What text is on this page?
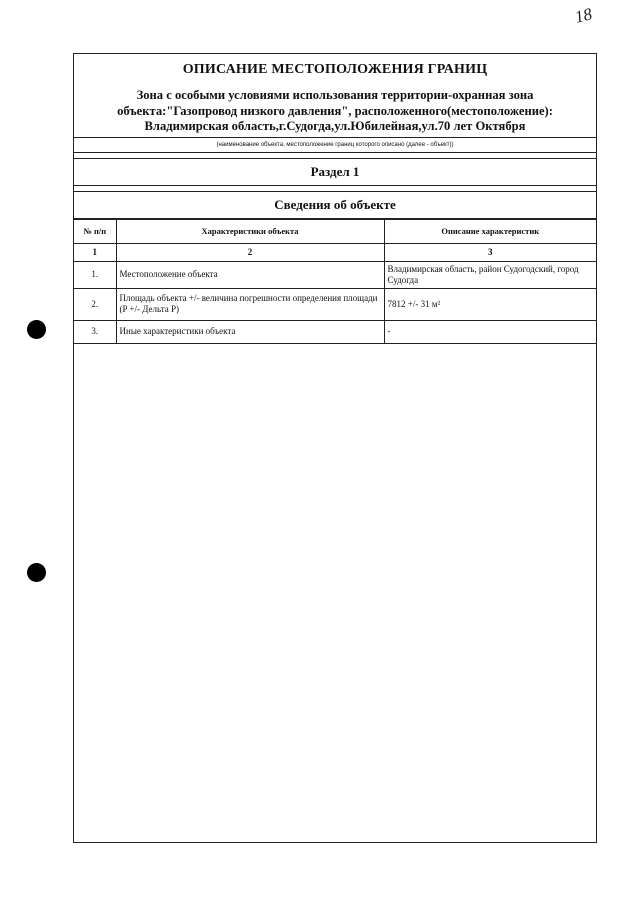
18
ОПИСАНИЕ МЕСТОПОЛОЖЕНИЯ ГРАНИЦ
Зона с особыми условиями использования территории-охранная зона
объекта:"Газопровод низкого давления", расположенного(местоположение):
Владимирская область,г.Судогда,ул.Юбилейная,ул.70 лет Октября
(наименование объекта, местоположение границ которого описано (далее - объект))
Раздел 1
Сведения об объекте
№ п/п	Характеристики объекта	Описание характеристик
1	2	3
1.	Местоположение объекта	Владимирская область, район Судогодский, город Судогда
2.	Площадь объекта +/- величина погрешности определения площади (P +/- Дельта P)	7812 +/- 31 м²
3.	Иные характеристики объекта	-
